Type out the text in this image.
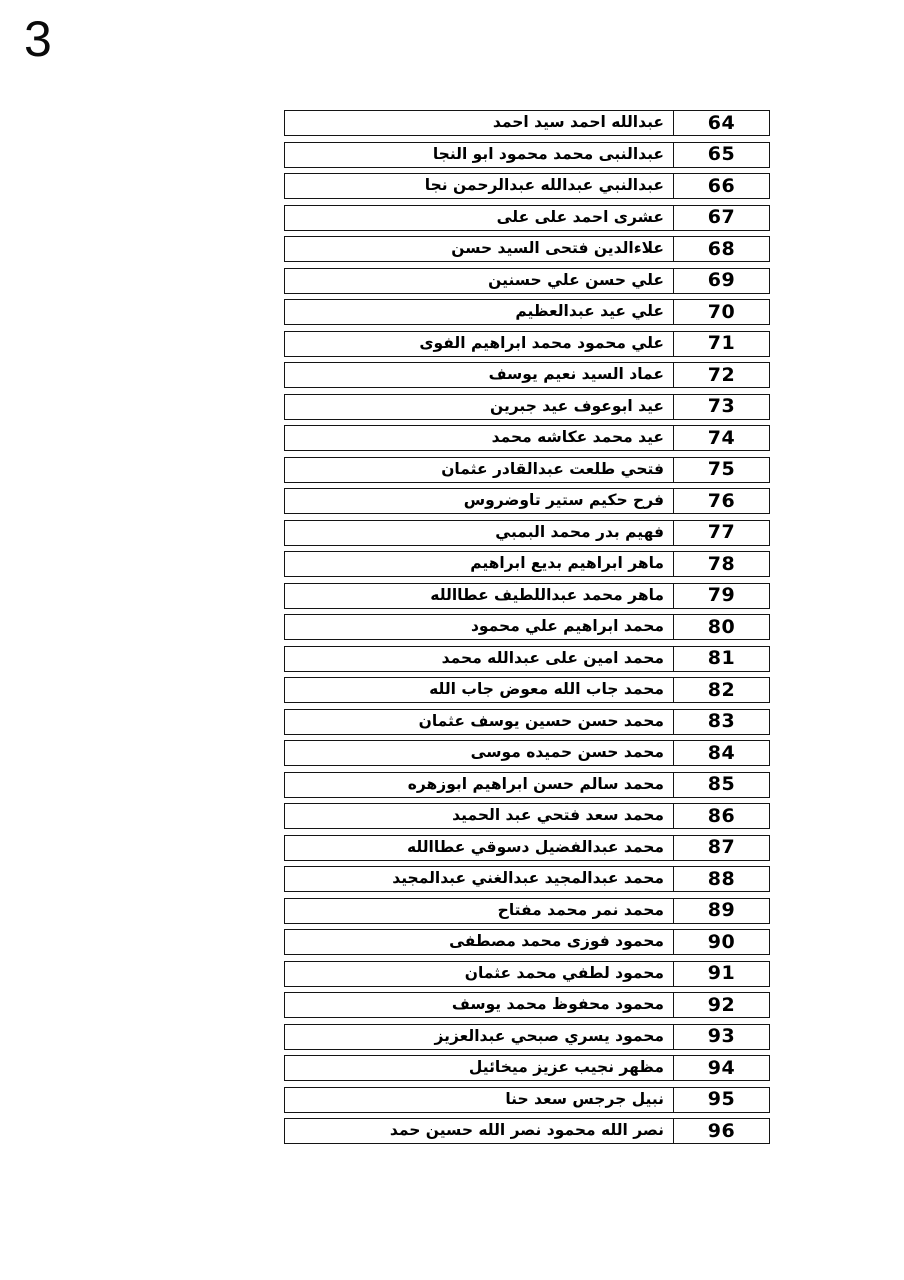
3
عبدالله احمد سيد احمد	64
عبدالنبى محمد محمود ابو النجا	65
عبدالنبي عبدالله عبدالرحمن نجا	66
عشرى احمد على على	67
علاءالدين فتحى السيد حسن	68
علي حسن علي حسنين	69
علي عيد عبدالعظيم	70
علي محمود محمد ابراهيم الفوى	71
عماد السيد نعيم يوسف	72
عيد ابوعوف عيد جبرين	73
عيد محمد عكاشه محمد	74
فتحي طلعت عبدالقادر عثمان	75
فرح حكيم ستير تاوضروس	76
فهيم بدر محمد البمبي	77
ماهر ابراهيم بديع ابراهيم	78
ماهر محمد عبداللطيف عطاالله	79
محمد ابراهيم علي محمود	80
محمد امين على عبدالله محمد	81
محمد جاب الله معوض جاب الله	82
محمد حسن حسين يوسف عثمان	83
محمد حسن حميده موسى	84
محمد سالم حسن ابراهيم ابوزهره	85
محمد سعد فتحي عبد الحميد	86
محمد عبدالفضيل دسوقي عطاالله	87
محمد عبدالمجيد عبدالغني عبدالمجيد	88
محمد نمر محمد مفتاح	89
محمود فوزى محمد مصطفى	90
محمود لطفي محمد عثمان	91
محمود محفوظ محمد يوسف	92
محمود يسري صبحي عبدالعزيز	93
مظهر نجيب عزيز ميخائيل	94
نبيل جرجس سعد حنا	95
نصر الله محمود نصر الله حسين حمد	96
